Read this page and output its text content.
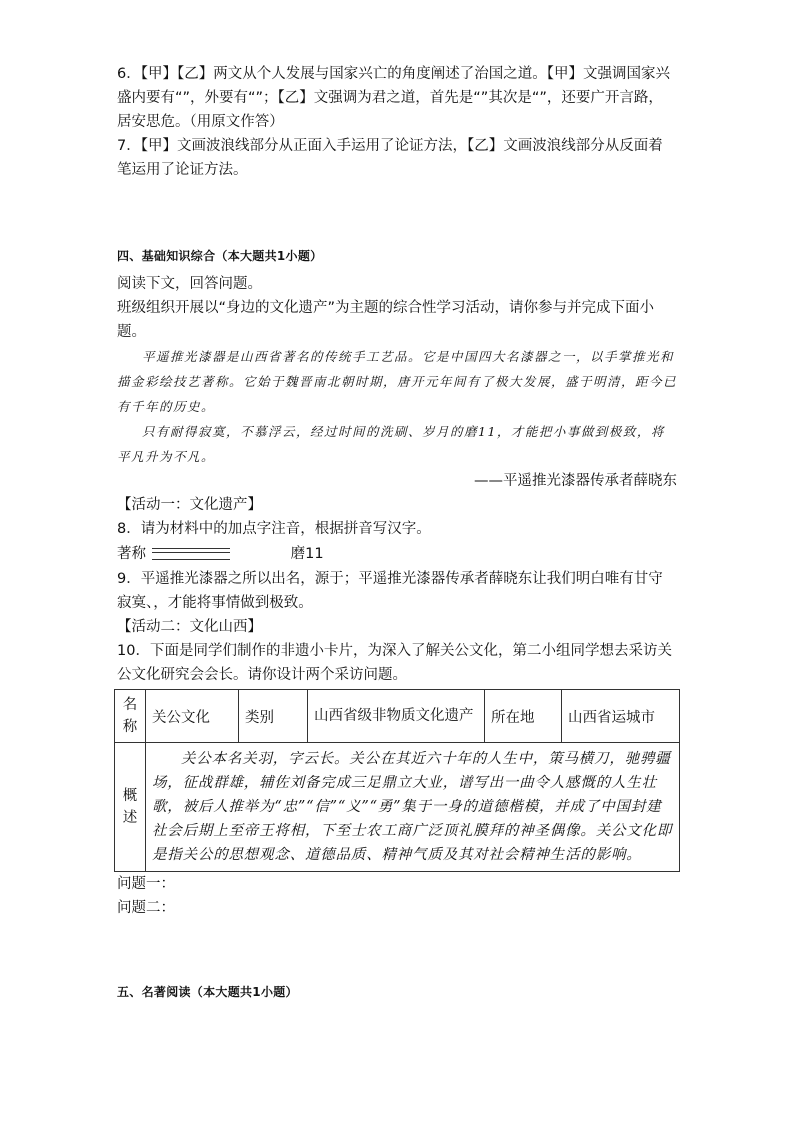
6．【甲】【乙】两文从个人发展与国家兴亡的角度阐述了治国之道。【甲】文强调国家兴盛内要有“”，外要有“”；【乙】文强调为君之道，首先是“”其次是“”，还要广开言路，居安思危。（用原文作答）

7．【甲】文画波浪线部分从正面入手运用了论证方法，【乙】文画波浪线部分从反面着笔运用了论证方法。

四、基础知识综合（本大题共1小题）

阅读下文，回答问题。

班级组织开展以“身边的文化遗产”为主题的综合性学习活动，请你参与并完成下面小题。

平遥推光漆器是山西省著名的传统手工艺品。它是中国四大名漆器之一，以手掌推光和描金彩绘技艺著称。它始于魏晋南北朝时期，唐开元年间有了极大发展，盛于明清，距今已有千年的历史。

只有耐得寂寞，不慕浮云，经过时间的洗刷、岁月的磨11，才能把小事做到极致，将平凡升为不凡。

——平遥推光漆器传承者薛晓东

【活动一：文化遗产】

8．请为材料中的加点字注音，根据拼音写汉字。

著称	磨11

9．平遥推光漆器之所以出名，源于；平遥推光漆器传承者薛晓东让我们明白唯有甘守寂寞、，才能将事情做到极致。

【活动二：文化山西】

10．下面是同学们制作的非遗小卡片，为深入了解关公文化，第二小组同学想去采访关公文化研究会会长。请你设计两个采访问题。

名称	关公文化	类别	山西省级非物质文化遗产	所在地	山西省运城市
概述	关公本名关羽，字云长。关公在其近六十年的人生中，策马横刀，驰骋疆场，征战群雄，辅佐刘备完成三足鼎立大业，谱写出一曲令人感慨的人生壮歌，被后人推举为“忠”“信”“义”“勇”集于一身的道德楷模，并成了中国封建社会后期上至帝王将相，下至士农工商广泛顶礼膜拜的神圣偶像。关公文化即是指关公的思想观念、道德品质、精神气质及其对社会精神生活的影响。				

问题一：

问题二：

五、名著阅读（本大题共1小题）
